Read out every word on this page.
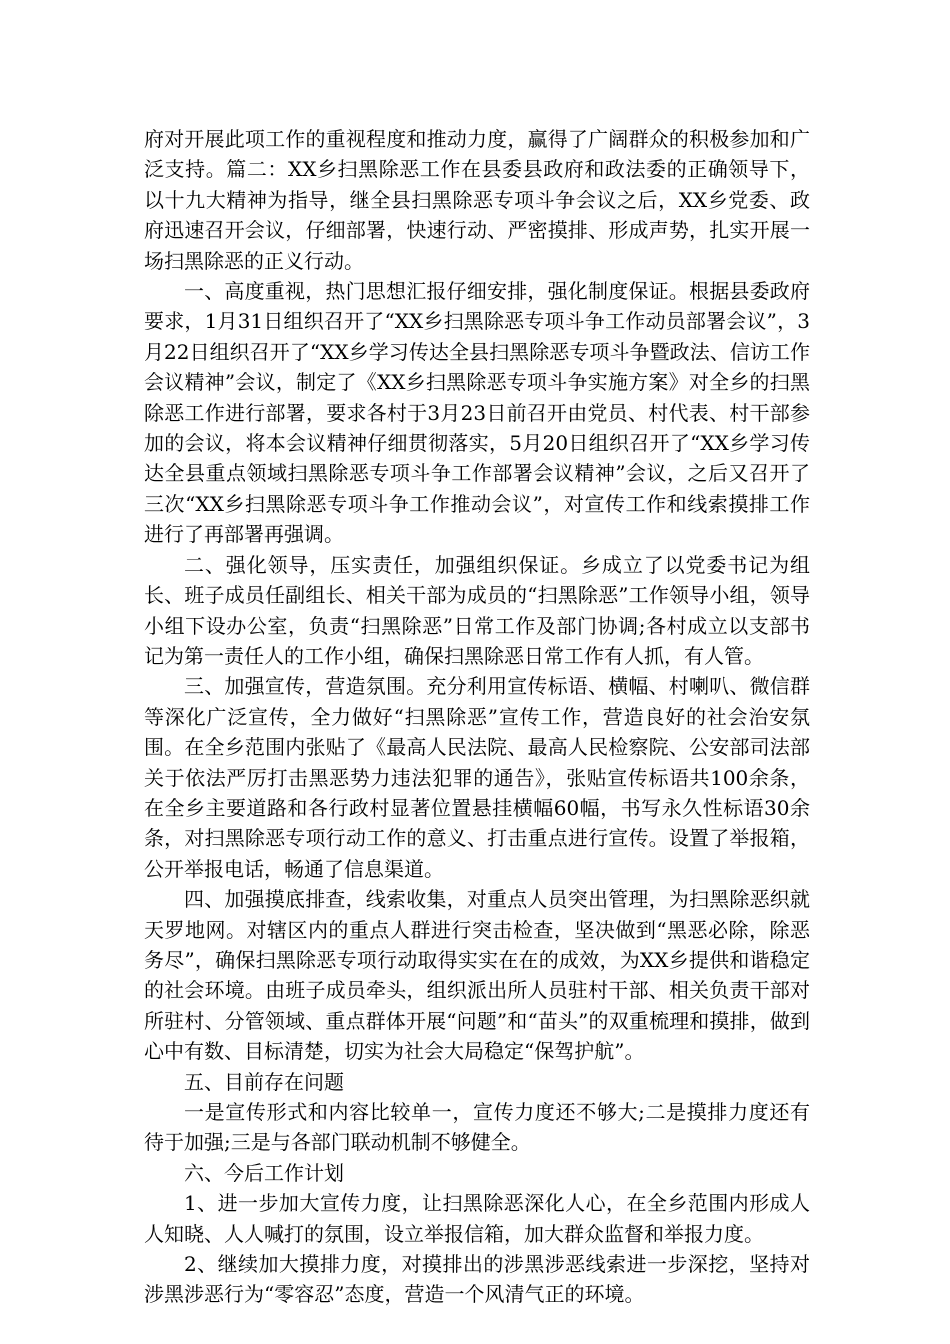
府对开展此项工作的重视程度和推动力度，赢得了广阔群众的积极参加和广泛支持。篇二：XX乡扫黑除恶工作在县委县政府和政法委的正确领导下，以十九大精神为指导，继全县扫黑除恶专项斗争会议之后，XX乡党委、政府迅速召开会议，仔细部署，快速行动、严密摸排、形成声势，扎实开展一场扫黑除恶的正义行动。

一、高度重视，热门思想汇报仔细安排，强化制度保证。根据县委政府要求，1月31日组织召开了“XX乡扫黑除恶专项斗争工作动员部署会议”，3月22日组织召开了“XX乡学习传达全县扫黑除恶专项斗争暨政法、信访工作会议精神”会议，制定了《XX乡扫黑除恶专项斗争实施方案》对全乡的扫黑除恶工作进行部署，要求各村于3月23日前召开由党员、村代表、村干部参加的会议，将本会议精神仔细贯彻落实，5月20日组织召开了“XX乡学习传达全县重点领域扫黑除恶专项斗争工作部署会议精神”会议，之后又召开了三次“XX乡扫黑除恶专项斗争工作推动会议”，对宣传工作和线索摸排工作进行了再部署再强调。

二、强化领导，压实责任，加强组织保证。乡成立了以党委书记为组长、班子成员任副组长、相关干部为成员的“扫黑除恶”工作领导小组，领导小组下设办公室，负责“扫黑除恶”日常工作及部门协调;各村成立以支部书记为第一责任人的工作小组，确保扫黑除恶日常工作有人抓，有人管。

三、加强宣传，营造氛围。充分利用宣传标语、横幅、村喇叭、微信群等深化广泛宣传，全力做好“扫黑除恶”宣传工作，营造良好的社会治安氛围。在全乡范围内张贴了《最高人民法院、最高人民检察院、公安部司法部关于依法严厉打击黑恶势力违法犯罪的通告》，张贴宣传标语共100余条，在全乡主要道路和各行政村显著位置悬挂横幅60幅，书写永久性标语30余条，对扫黑除恶专项行动工作的意义、打击重点进行宣传。设置了举报箱，公开举报电话，畅通了信息渠道。

四、加强摸底排查，线索收集，对重点人员突出管理，为扫黑除恶织就天罗地网。对辖区内的重点人群进行突击检查，坚决做到“黑恶必除，除恶务尽”，确保扫黑除恶专项行动取得实实在在的成效，为XX乡提供和谐稳定的社会环境。由班子成员牵头，组织派出所人员驻村干部、相关负责干部对所驻村、分管领域、重点群体开展“问题”和“苗头”的双重梳理和摸排，做到心中有数、目标清楚，切实为社会大局稳定“保驾护航”。

五、目前存在问题

一是宣传形式和内容比较单一，宣传力度还不够大;二是摸排力度还有待于加强;三是与各部门联动机制不够健全。

六、今后工作计划

1、进一步加大宣传力度，让扫黑除恶深化人心，在全乡范围内形成人人知晓、人人喊打的氛围，设立举报信箱，加大群众监督和举报力度。

2、继续加大摸排力度，对摸排出的涉黑涉恶线索进一步深挖，坚持对涉黑涉恶行为“零容忍”态度，营造一个风清气正的环境。
